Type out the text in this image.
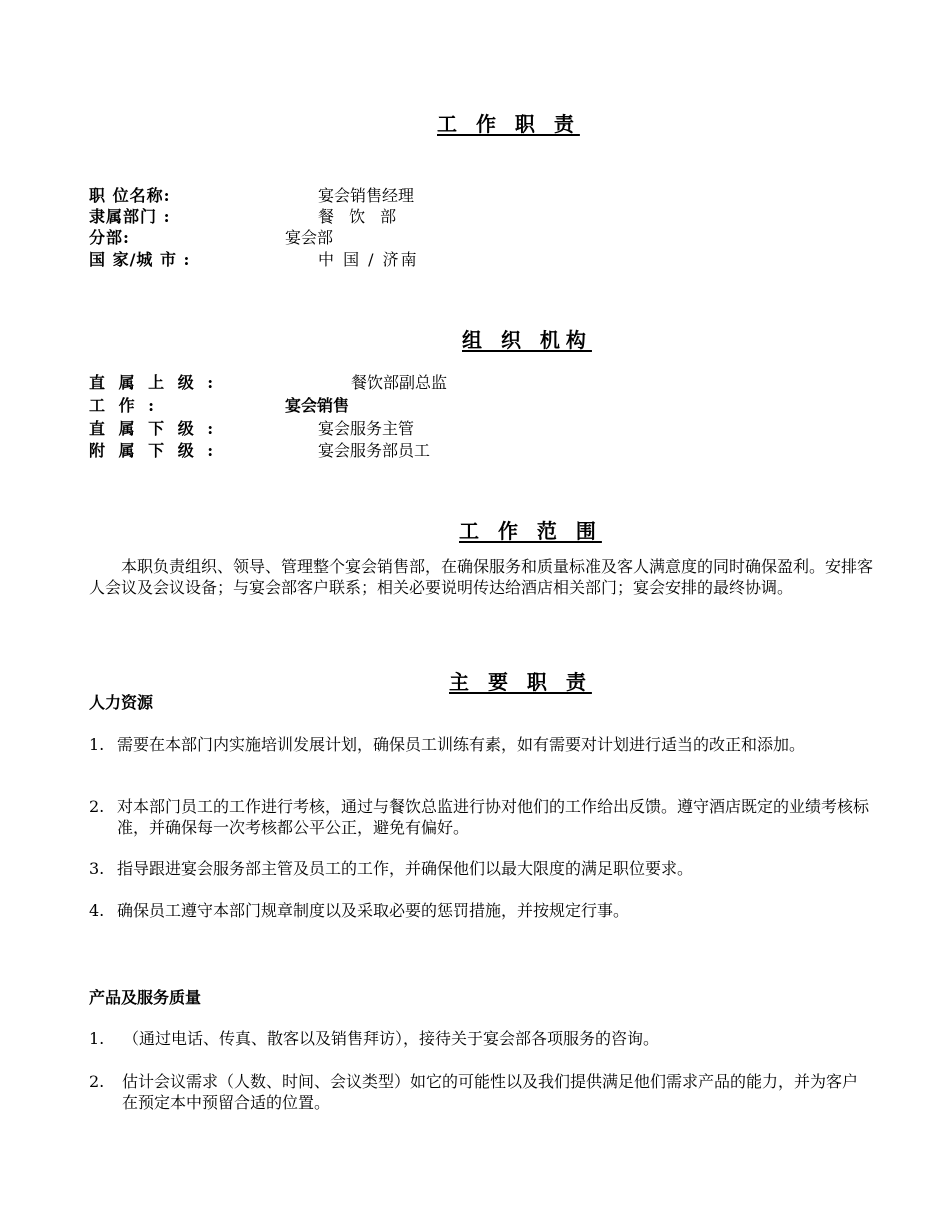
工 作 职 责
职 位名称:	宴会销售经理
隶属部门 :	餐 饮 部
分部:	宴会部
国 家/城 市 :	中 国 / 济南
组 织 机构
直 属 上 级 :	餐饮部副总监
工 作 :	宴会销售
直 属 下 级 :	宴会服务主管
附 属 下 级 :	宴会服务部员工
工 作 范 围
本职负责组织、领导、管理整个宴会销售部，在确保服务和质量标准及客人满意度的同时确保盈利。安排客人会议及会议设备；与宴会部客户联系；相关必要说明传达给酒店相关部门；宴会安排的最终协调。
主 要 职 责
人力资源
1. 需要在本部门内实施培训发展计划，确保员工训练有素，如有需要对计划进行适当的改正和添加。
2. 对本部门员工的工作进行考核，通过与餐饮总监进行协对他们的工作给出反馈。遵守酒店既定的业绩考核标准，并确保每一次考核都公平公正，避免有偏好。
3. 指导跟进宴会服务部主管及员工的工作，并确保他们以最大限度的满足职位要求。
4. 确保员工遵守本部门规章制度以及采取必要的惩罚措施，并按规定行事。
产品及服务质量
1. （通过电话、传真、散客以及销售拜访），接待关于宴会部各项服务的咨询。
2. 估计会议需求（人数、时间、会议类型）如它的可能性以及我们提供满足他们需求产品的能力，并为客户在预定本中预留合适的位置。
